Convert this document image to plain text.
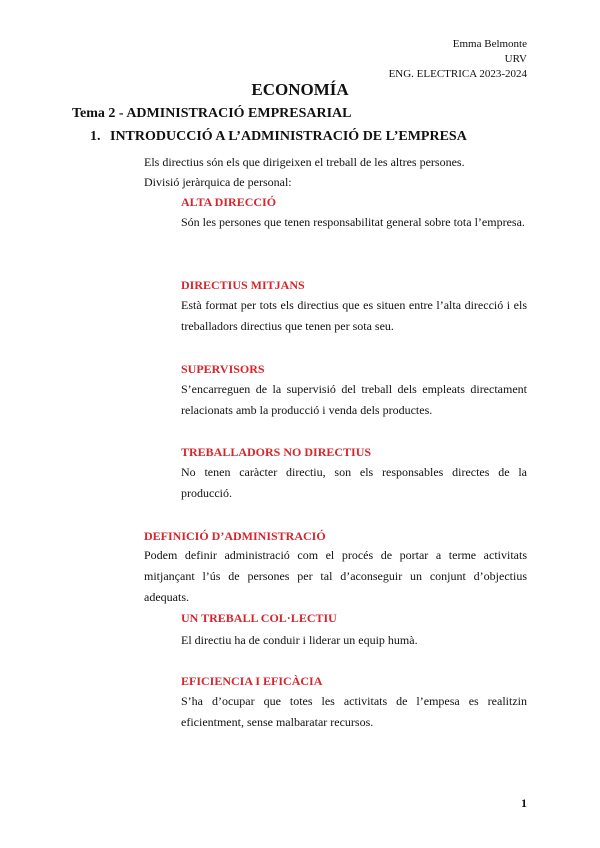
Emma Belmonte
URV
ENG. ELECTRICA 2023-2024
ECONOMÍA
Tema 2 - ADMINISTRACIÓ EMPRESARIAL
1. INTRODUCCIÓ A L’ADMINISTRACIÓ DE L’EMPRESA
Els directius són els que dirigeixen el treball de les altres persones.
Divisió jeràrquica de personal:
ALTA DIRECCIÓ
Són les persones que tenen responsabilitat general sobre tota l’empresa.
DIRECTIUS MITJANS
Està format per tots els directius que es situen entre l’alta direcció i els treballadors directius que tenen per sota seu.
SUPERVISORS
S’encarreguen de la supervisió del treball dels empleats directament relacionats amb la producció i venda dels productes.
TREBALLADORS NO DIRECTIUS
No tenen caràcter directiu, son els responsables directes de la producció.
DEFINICIÓ D’ADMINISTRACIÓ
Podem definir administració com el procés de portar a terme activitats mitjançant l’ús de persones per tal d’aconseguir un conjunt d’objectius adequats.
UN TREBALL COL·LECTIU
El directiu ha de conduir i liderar un equip humà.
EFICIENCIA I EFICÀCIA
S’ha d’ocupar que totes les activitats de l’empesa es realitzin eficientment, sense malbaratar recursos.
1
